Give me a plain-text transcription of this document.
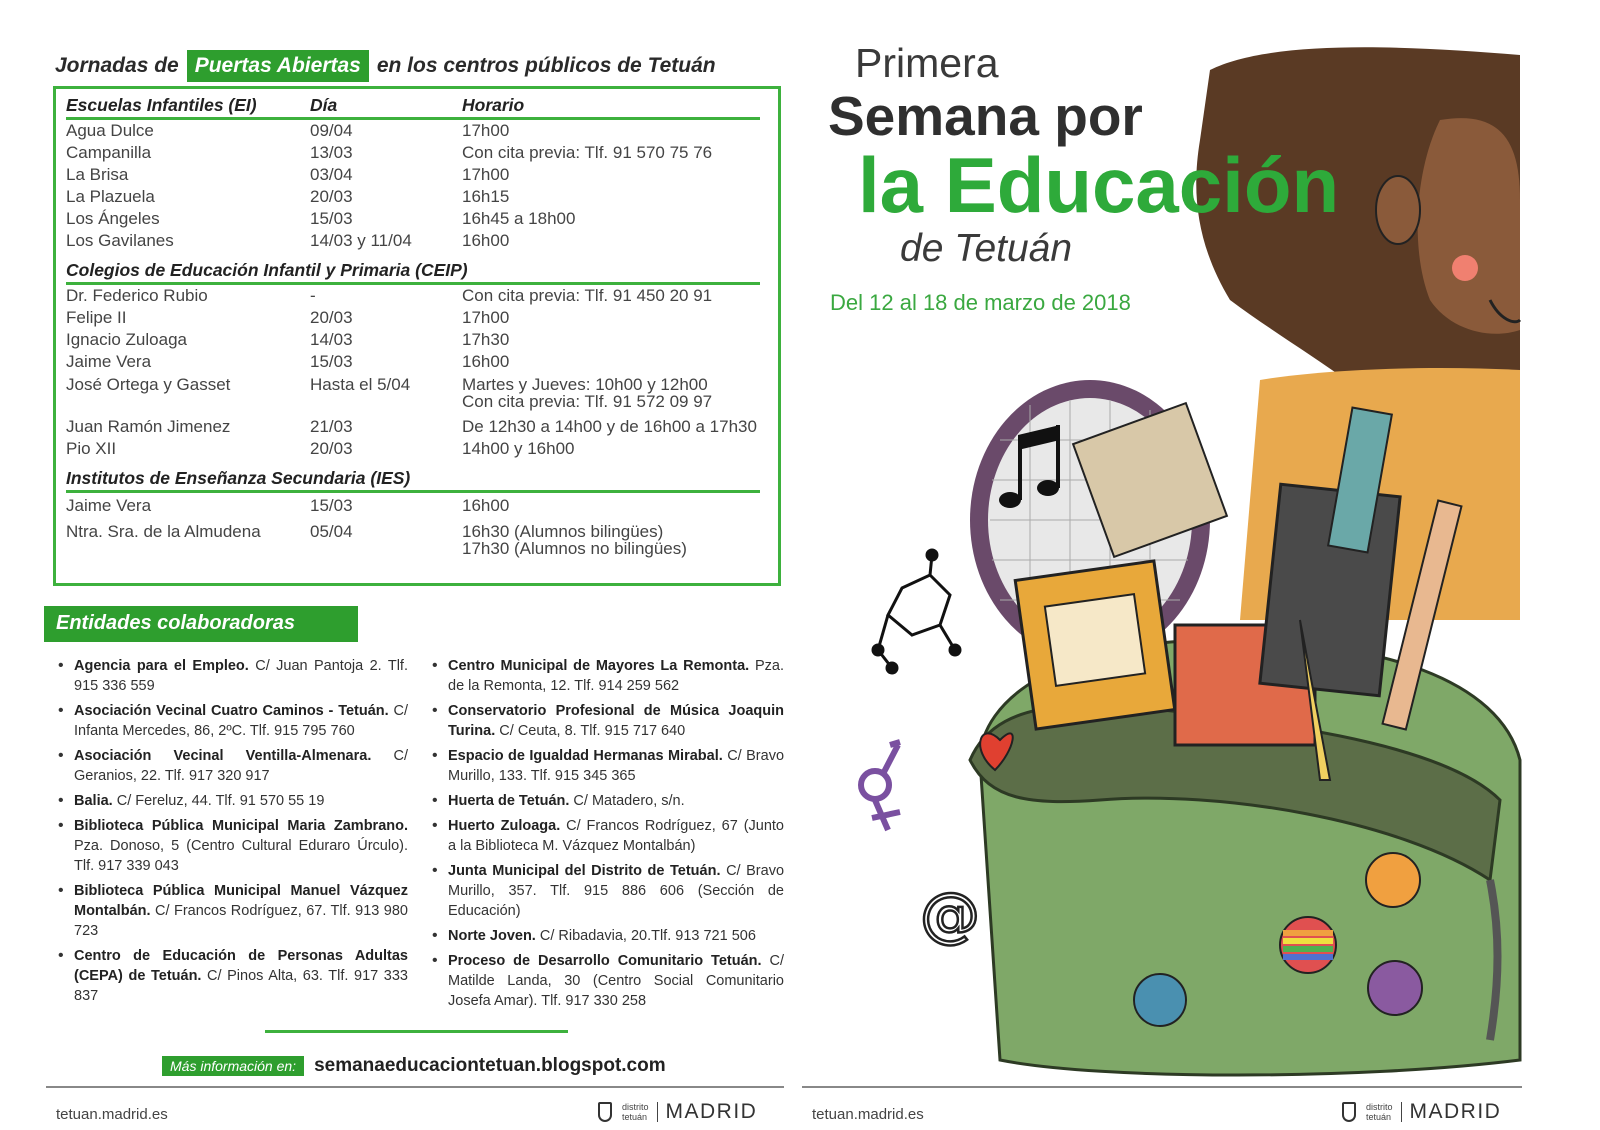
Jornadas de Puertas Abiertas en los centros públicos de Tetuán
Escuelas Infantiles (EI)	Día	Horario
Agua Dulce	09/04	17h00
Campanilla	13/03	Con cita previa: Tlf. 91 570 75 76
La Brisa	03/04	17h00
La Plazuela	20/03	16h15
Los Ángeles	15/03	16h45 a 18h00
Los Gavilanes	14/03 y 11/04	16h00
Colegios de Educación Infantil y Primaria (CEIP)
Dr. Federico Rubio	-	Con cita previa: Tlf. 91 450 20 91
Felipe II	20/03	17h00
Ignacio Zuloaga	14/03	17h30
Jaime Vera	15/03	16h00
José Ortega y Gasset	Hasta el 5/04	Martes y Jueves: 10h00 y 12h00
Con cita previa: Tlf. 91 572 09 97
Juan Ramón Jimenez	21/03	De 12h30 a 14h00 y de 16h00 a 17h30
Pio XII	20/03	14h00 y 16h00
Institutos de Enseñanza Secundaria (IES)
Jaime Vera	15/03	16h00
Ntra. Sra. de la Almudena	05/04	16h30 (Alumnos bilingües)
17h30 (Alumnos no bilingües)
Entidades colaboradoras
• Agencia para el Empleo. C/ Juan Pantoja 2. Tlf. 915 336 559
• Asociación Vecinal Cuatro Caminos - Tetuán. C/ Infanta Mercedes, 86, 2ºC. Tlf. 915 795 760
• Asociación Vecinal Ventilla-Almenara. C/ Geranios, 22. Tlf. 917 320 917
• Balia. C/ Fereluz, 44. Tlf. 91 570 55 19
• Biblioteca Pública Municipal Maria Zambrano. Pza. Donoso, 5 (Centro Cultural Eduraro Úrculo). Tlf. 917 339 043
• Biblioteca Pública Municipal Manuel Vázquez Montalbán. C/ Francos Rodríguez, 67. Tlf. 913 980 723
• Centro de Educación de Personas Adultas (CEPA) de Tetuán. C/ Pinos Alta, 63. Tlf. 917 333 837
• Centro Municipal de Mayores La Remonta. Pza. de la Remonta, 12. Tlf. 914 259 562
• Conservatorio Profesional de Música Joaquin Turina. C/ Ceuta, 8. Tlf. 915 717 640
• Espacio de Igualdad Hermanas Mirabal. C/ Bravo Murillo, 133. Tlf. 915 345 365
• Huerta de Tetuán. C/ Matadero, s/n.
• Huerto Zuloaga. C/ Francos Rodríguez, 67 (Junto a la Biblioteca M. Vázquez Montalbán)
• Junta Municipal del Distrito de Tetuán. C/ Bravo Murillo, 357. Tlf. 915 886 606 (Sección de Educación)
• Norte Joven. C/ Ribadavia, 20.Tlf. 913 721 506
• Proceso de Desarrollo Comunitario Tetuán. C/ Matilde Landa, 30 (Centro Social Comunitario Josefa Amar). Tlf. 917 330 258
Más información en: semanaeducaciontetuan.blogspot.com
tetuan.madrid.es	distrito
tetuán MADRID
@
Primera
Semana por
la Educación
de Tetuán
Del 12 al 18 de marzo de 2018
tetuan.madrid.es	distrito
tetuán MADRID
